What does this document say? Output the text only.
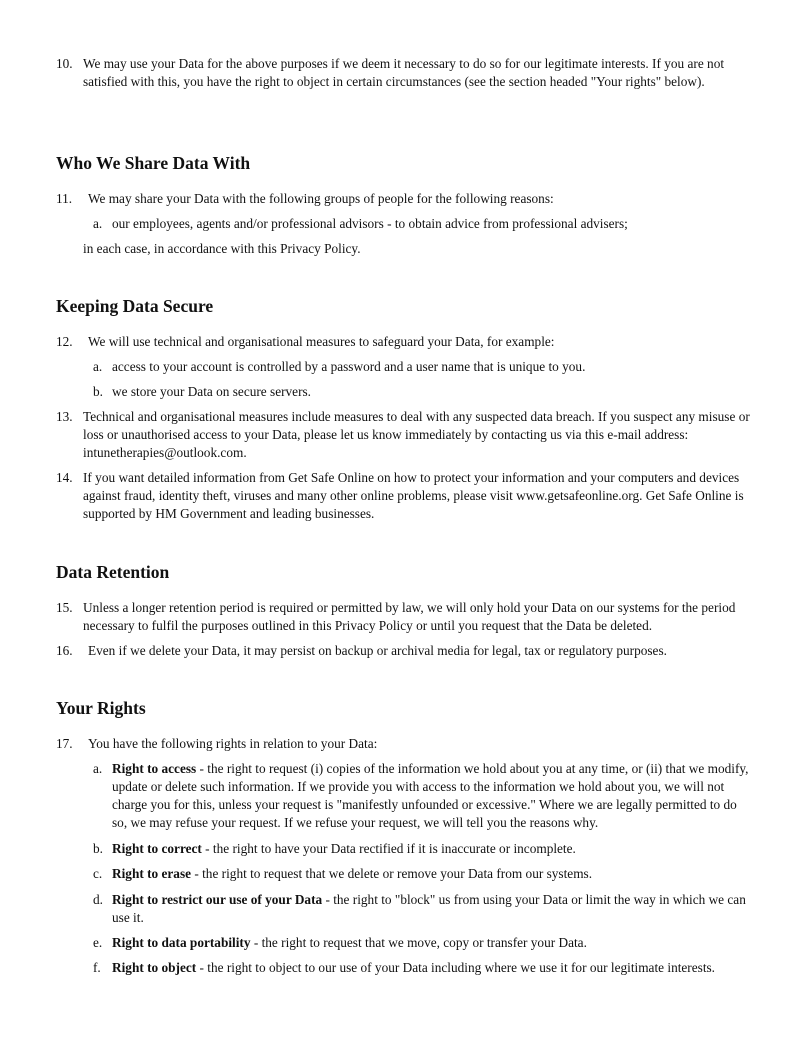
10. We may use your Data for the above purposes if we deem it necessary to do so for our legitimate interests. If you are not satisfied with this, you have the right to object in certain circumstances (see the section headed "Your rights" below).
Who We Share Data With
11.	We may share your Data with the following groups of people for the following reasons:
a. our employees, agents and/or professional advisors - to obtain advice from professional advisers;
in each case, in accordance with this Privacy Policy.
Keeping Data Secure
12.	We will use technical and organisational measures to safeguard your Data, for example:
a. access to your account is controlled by a password and a user name that is unique to you.
b. we store your Data on secure servers.
13. Technical and organisational measures include measures to deal with any suspected data breach. If you suspect any misuse or loss or unauthorised access to your Data, please let us know immediately by contacting us via this e-mail address: intunetherapies@outlook.com.
14. If you want detailed information from Get Safe Online on how to protect your information and your computers and devices against fraud, identity theft, viruses and many other online problems, please visit www.getsafeonline.org. Get Safe Online is supported by HM Government and leading businesses.
Data Retention
15. Unless a longer retention period is required or permitted by law, we will only hold your Data on our systems for the period necessary to fulfil the purposes outlined in this Privacy Policy or until you request that the Data be deleted.
16.	Even if we delete your Data, it may persist on backup or archival media for legal, tax or regulatory purposes.
Your Rights
17.	You have the following rights in relation to your Data:
a. Right to access - the right to request (i) copies of the information we hold about you at any time, or (ii) that we modify, update or delete such information. If we provide you with access to the information we hold about you, we will not charge you for this, unless your request is "manifestly unfounded or excessive." Where we are legally permitted to do so, we may refuse your request. If we refuse your request, we will tell you the reasons why.
b. Right to correct - the right to have your Data rectified if it is inaccurate or incomplete.
c. Right to erase - the right to request that we delete or remove your Data from our systems.
d. Right to restrict our use of your Data - the right to "block" us from using your Data or limit the way in which we can use it.
e. Right to data portability - the right to request that we move, copy or transfer your Data.
f. Right to object - the right to object to our use of your Data including where we use it for our legitimate interests.
